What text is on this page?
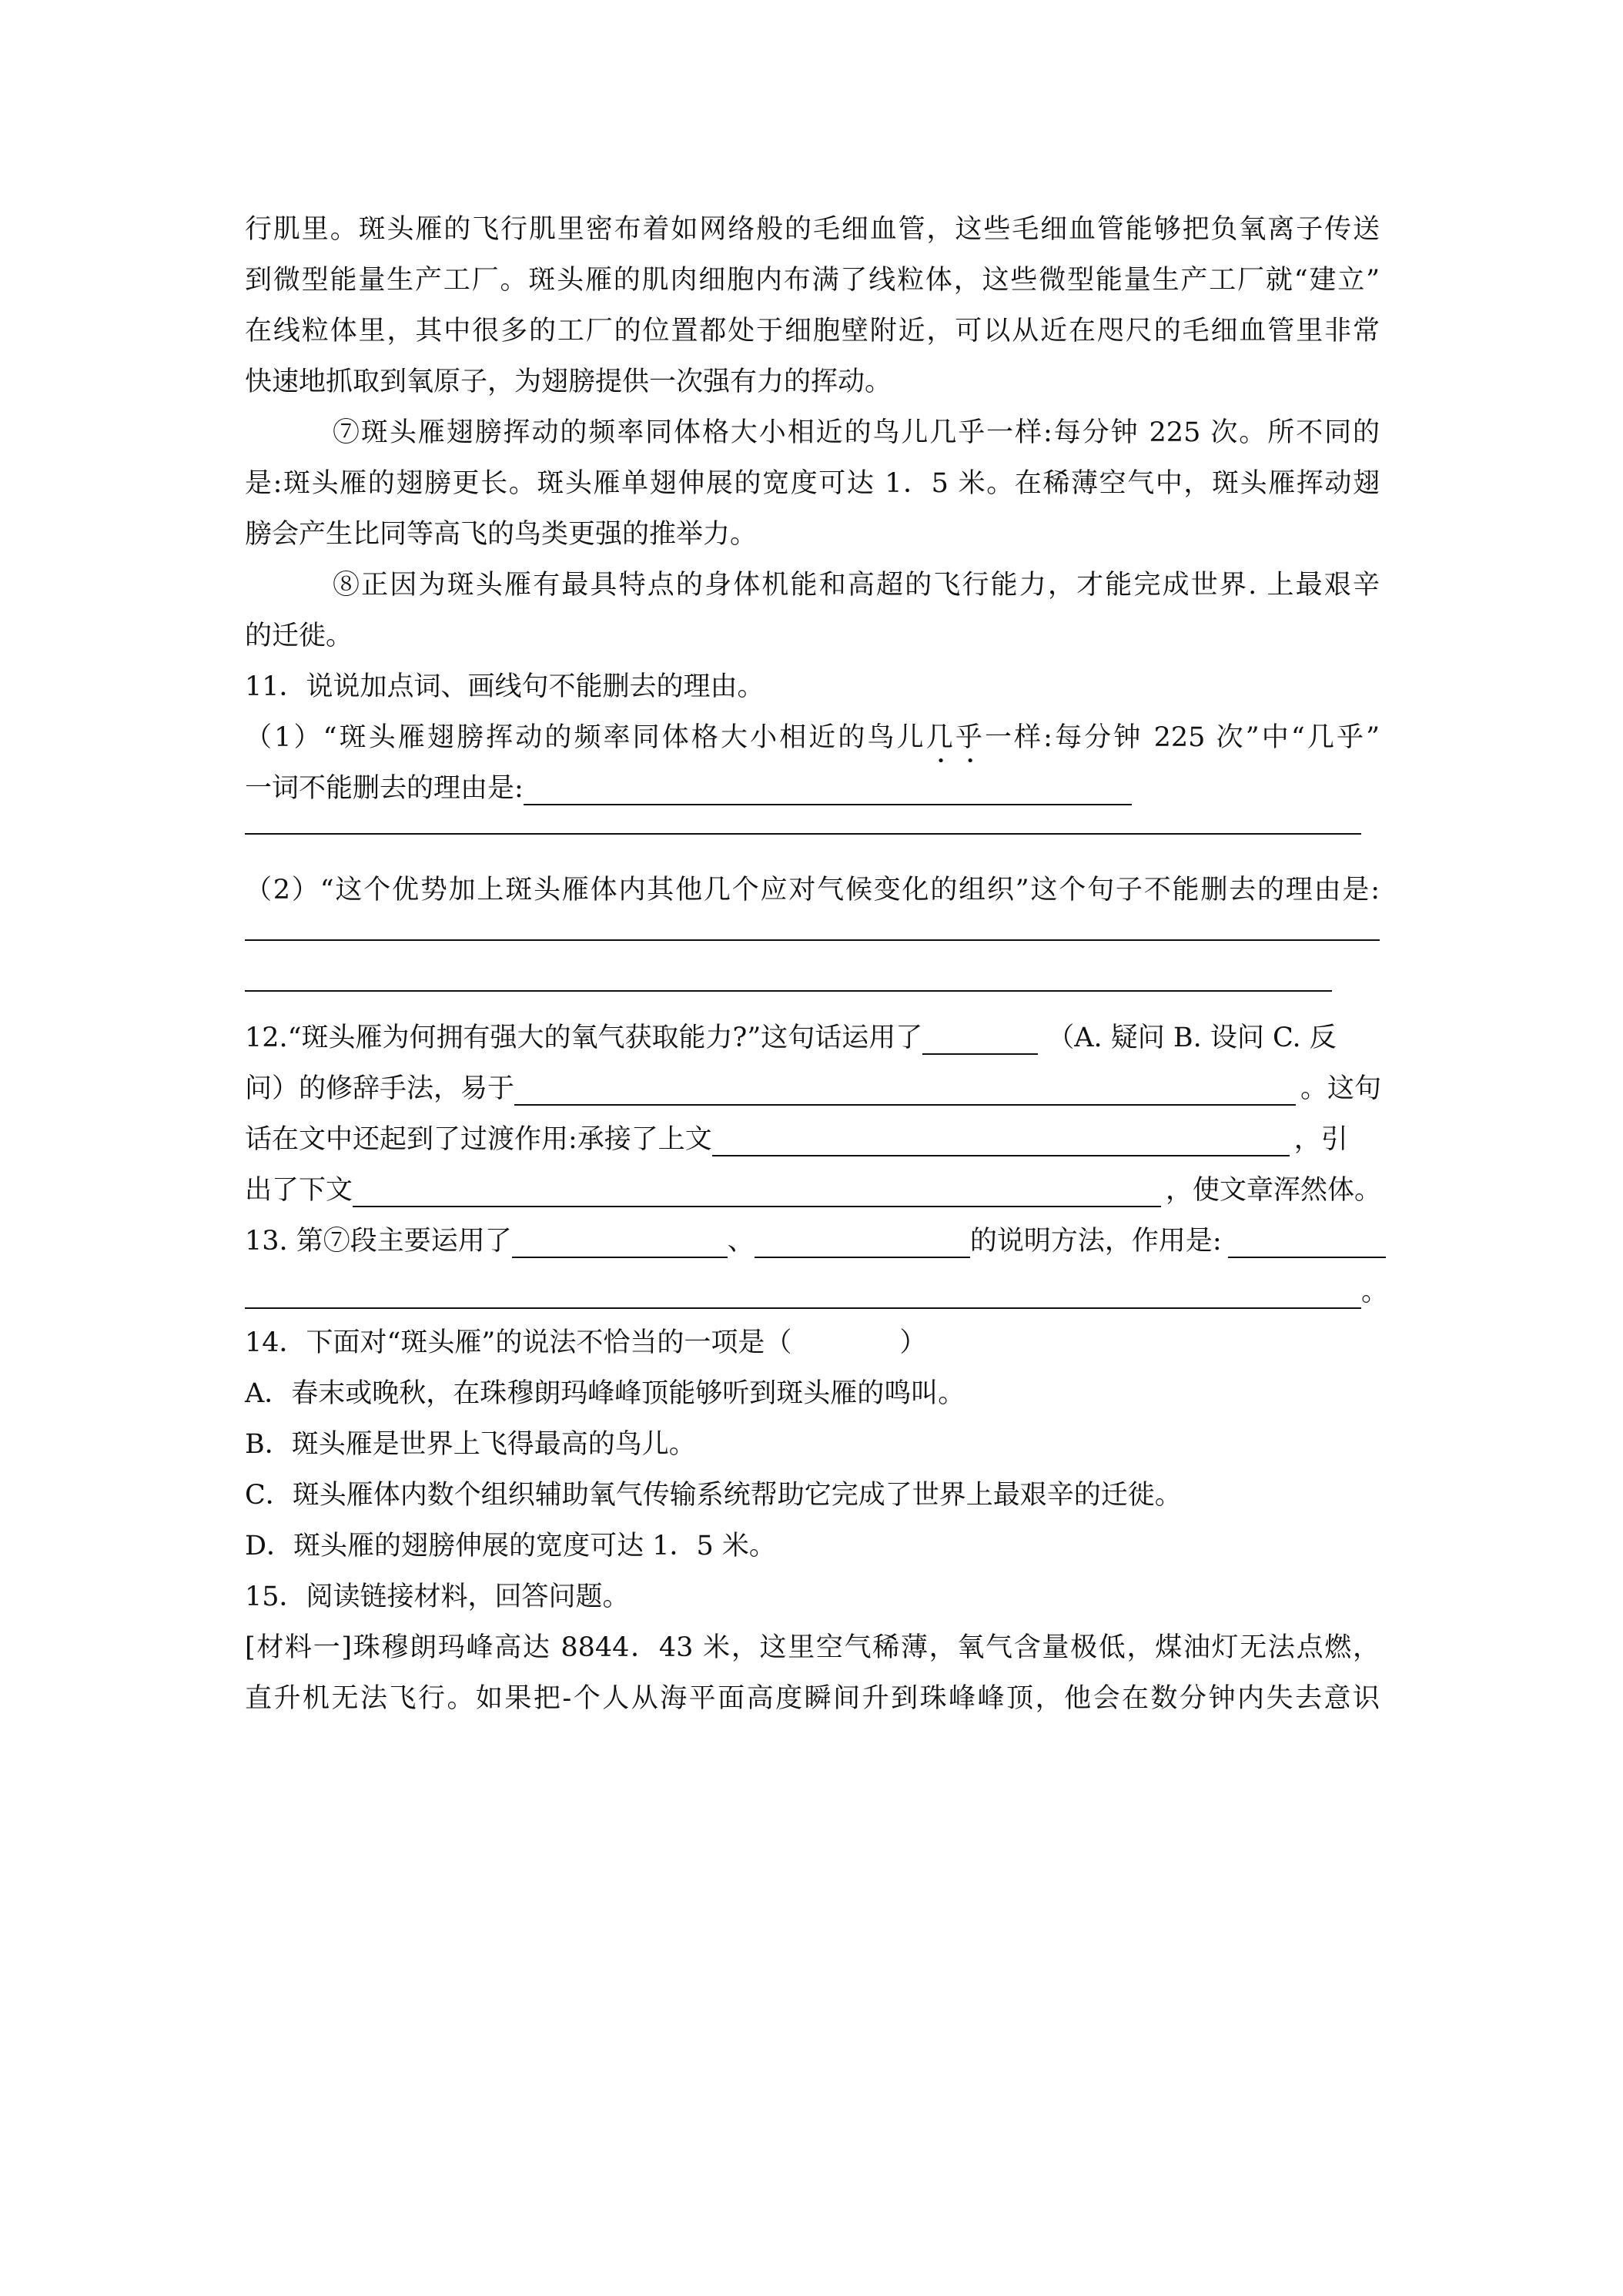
行肌里。斑头雁的飞行肌里密布着如网络般的毛细血管，这些毛细血管能够把负氧离子传送
到微型能量生产工厂。斑头雁的肌肉细胞内布满了线粒体，这些微型能量生产工厂就“建立”
在线粒体里，其中很多的工厂的位置都处于细胞壁附近，可以从近在咫尺的毛细血管里非常
快速地抓取到氧原子，为翅膀提供一次强有力的挥动。
⑦斑头雁翅膀挥动的频率同体格大小相近的鸟儿几乎一样:每分钟 225 次。所不同的
是:斑头雁的翅膀更长。斑头雁单翅伸展的宽度可达 1．5 米。在稀薄空气中，斑头雁挥动翅
膀会产生比同等高飞的鸟类更强的推举力。
⑧正因为斑头雁有最具特点的身体机能和高超的飞行能力，才能完成世界. 上最艰辛
的迁徙。
11．说说加点词、画线句不能删去的理由。
（1）“斑头雁翅膀挥动的频率同体格大小相近的鸟儿几乎一样:每分钟 225 次”中“几乎”
一词不能删去的理由是:
（2）“这个优势加上斑头雁体内其他几个应对气候变化的组织”这个句子不能删去的理由是:
12.“斑头雁为何拥有强大的氧气获取能力?”这句话运用了	（A. 疑问 B. 设问 C. 反
问）的修辞手法，易于	。这句
话在文中还起到了过渡作用:承接了上文	，引
出了下文	，使文章浑然体。
13. 第⑦段主要运用了	、	的说明方法，作用是:
。
14．下面对“斑头雁”的说法不恰当的一项是（　　　　）
A．春末或晚秋，在珠穆朗玛峰峰顶能够听到斑头雁的鸣叫。
B．斑头雁是世界上飞得最高的鸟儿。
C．斑头雁体内数个组织辅助氧气传输系统帮助它完成了世界上最艰辛的迁徙。
D．斑头雁的翅膀伸展的宽度可达 1．5 米。
15．阅读链接材料，回答问题。
[材料一]珠穆朗玛峰高达 8844．43 米，这里空气稀薄，氧气含量极低，煤油灯无法点燃，
直升机无法飞行。如果把-个人从海平面高度瞬间升到珠峰峰顶，他会在数分钟内失去意识
